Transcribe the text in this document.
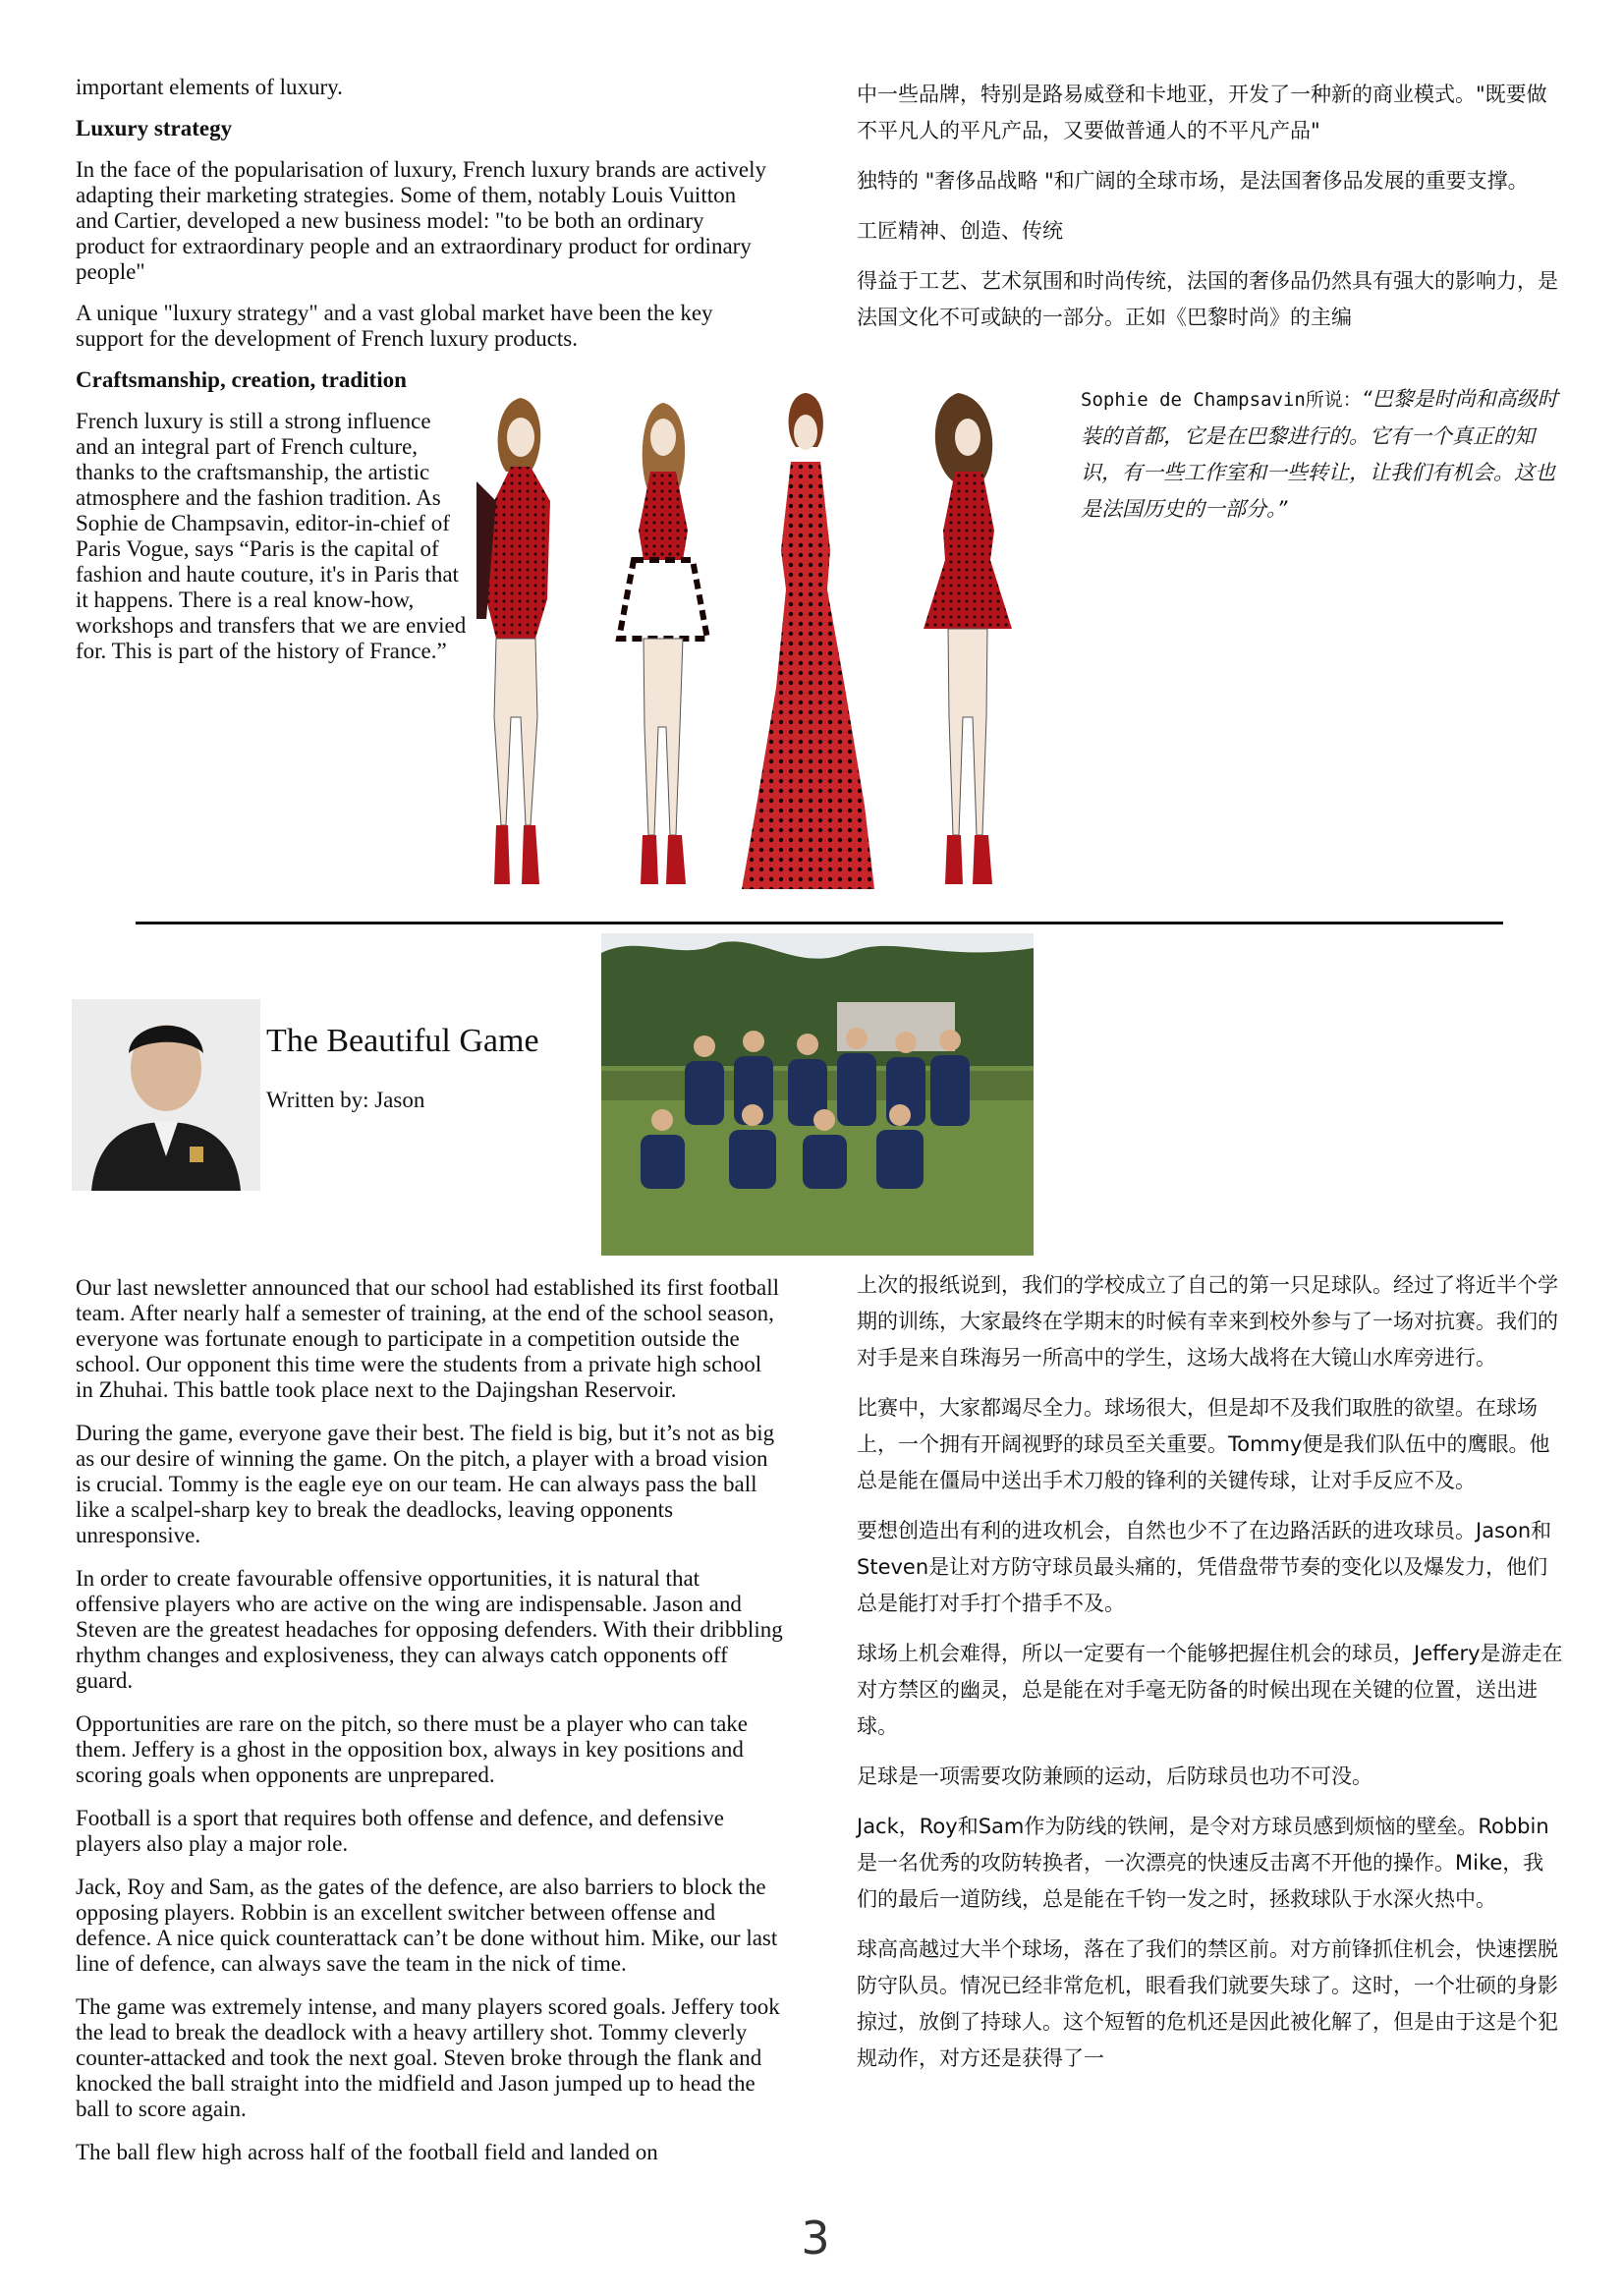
important elements of luxury.

Luxury strategy

In the face of the popularisation of luxury, French luxury brands are actively adapting their marketing strategies. Some of them, notably Louis Vuitton and Cartier, developed a new business model: "to be both an ordinary product for extraordinary people and an extraordinary product for ordinary people"

A unique "luxury strategy" and a vast global market have been the key support for the development of French luxury products.

Craftsmanship, creation, tradition

French luxury is still a strong influence and an integral part of French culture, thanks to the craftsmanship, the artistic atmosphere and the fashion tradition. As Sophie de Champsavin, editor-in-chief of Paris Vogue, says “Paris is the capital of fashion and haute couture, it's in Paris that it happens. There is a real know-how, workshops and transfers that we are envied for. This is part of the history of France.”

中一些品牌，特别是路易威登和卡地亚，开发了一种新的商业模式。"既要做不平凡人的平凡产品，又要做普通人的不平凡产品"

独特的 "奢侈品战略 "和广阔的全球市场，是法国奢侈品发展的重要支撑。

工匠精神、创造、传统

得益于工艺、艺术氛围和时尚传统，法国的奢侈品仍然具有强大的影响力，是法国文化不可或缺的一部分。正如《巴黎时尚》的主编

Sophie de Champsavin所说：“巴黎是时尚和高级时装的首都，它是在巴黎进行的。它有一个真正的知识，有一些工作室和一些转让，让我们有机会。这也是法国历史的一部分。”

The Beautiful Game

Written by: Jason

Our last newsletter announced that our school had established its first football team. After nearly half a semester of training, at the end of the school season, everyone was fortunate enough to participate in a competition outside the school. Our opponent this time were the students from a private high school in Zhuhai. This battle took place next to the Dajingshan Reservoir.

During the game, everyone gave their best. The field is big, but it’s not as big as our desire of winning the game. On the pitch, a player with a broad vision is crucial. Tommy is the eagle eye on our team. He can always pass the ball like a scalpel-sharp key to break the deadlocks, leaving opponents unresponsive.

In order to create favourable offensive opportunities, it is natural that offensive players who are active on the wing are indispensable. Jason and Steven are the greatest headaches for opposing defenders. With their dribbling rhythm changes and explosiveness, they can always catch opponents off guard.

Opportunities are rare on the pitch, so there must be a player who can take them. Jeffery is a ghost in the opposition box, always in key positions and scoring goals when opponents are unprepared.

Football is a sport that requires both offense and defence, and defensive players also play a major role.

Jack, Roy and Sam, as the gates of the defence, are also barriers to block the opposing players. Robbin is an excellent switcher between offense and defence. A nice quick counterattack can’t be done without him. Mike, our last line of defence, can always save the team in the nick of time.

The game was extremely intense, and many players scored goals. Jeffery took the lead to break the deadlock with a heavy artillery shot. Tommy cleverly counter-attacked and took the next goal. Steven broke through the flank and knocked the ball straight into the midfield and Jason jumped up to head the ball to score again.

The ball flew high across half of the football field and landed on

上次的报纸说到，我们的学校成立了自己的第一只足球队。经过了将近半个学期的训练，大家最终在学期末的时候有幸来到校外参与了一场对抗赛。我们的对手是来自珠海另一所高中的学生，这场大战将在大镜山水库旁进行。

比赛中，大家都竭尽全力。球场很大，但是却不及我们取胜的欲望。在球场上，一个拥有开阔视野的球员至关重要。Tommy便是我们队伍中的鹰眼。他总是能在僵局中送出手术刀般的锋利的关键传球，让对手反应不及。

要想创造出有利的进攻机会，自然也少不了在边路活跃的进攻球员。Jason和Steven是让对方防守球员最头痛的，凭借盘带节奏的变化以及爆发力，他们总是能打对手打个措手不及。

球场上机会难得，所以一定要有一个能够把握住机会的球员，Jeffery是游走在对方禁区的幽灵，总是能在对手毫无防备的时候出现在关键的位置，送出进球。

足球是一项需要攻防兼顾的运动，后防球员也功不可没。

Jack，Roy和Sam作为防线的铁闸，是令对方球员感到烦恼的壁垒。Robbin是一名优秀的攻防转换者，一次漂亮的快速反击离不开他的操作。Mike，我们的最后一道防线，总是能在千钧一发之时，拯救球队于水深火热中。

球高高越过大半个球场，落在了我们的禁区前。对方前锋抓住机会，快速摆脱防守队员。情况已经非常危机，眼看我们就要失球了。这时，一个壮硕的身影掠过，放倒了持球人。这个短暂的危机还是因此被化解了，但是由于这是个犯规动作，对方还是获得了一

3
